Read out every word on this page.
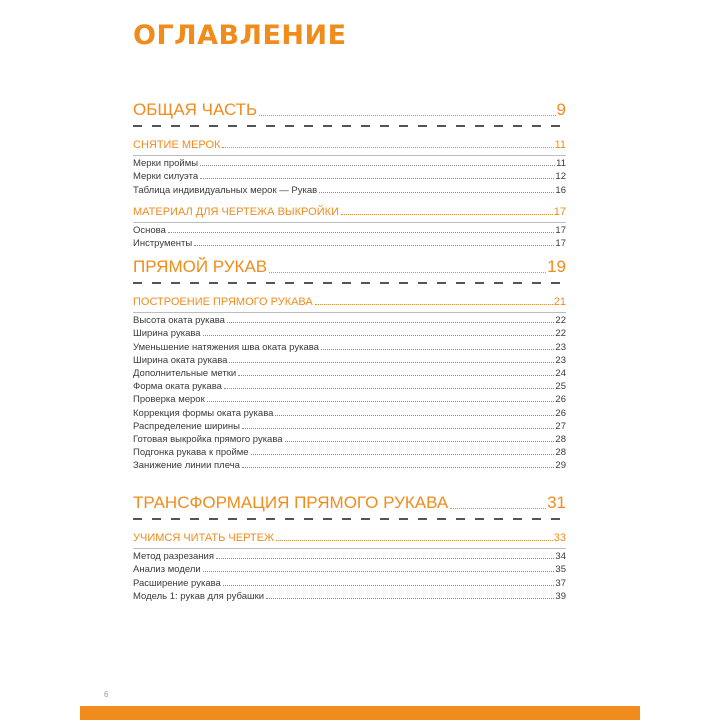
ОГЛАВЛЕНИЕ
ОБЩАЯ ЧАСТЬ	9
СНЯТИЕ МЕРОК	11
Мерки проймы	11
Мерки силуэта	12
Таблица индивидуальных мерок — Рукав	16
МАТЕРИАЛ ДЛЯ ЧЕРТЕЖА ВЫКРОЙКИ	17
Основа	17
Инструменты	17
ПРЯМОЙ РУКАВ	19
ПОСТРОЕНИЕ ПРЯМОГО РУКАВА	21
Высота оката рукава	22
Ширина рукава	22
Уменьшение натяжения шва оката рукава	23
Ширина оката рукава	23
Дополнительные метки	24
Форма оката рукава	25
Проверка мерок	26
Коррекция формы оката рукава	26
Распределение ширины	27
Готовая выкройка прямого рукава	28
Подгонка рукава к пройме	28
Занижение линии плеча	29
ТРАНСФОРМАЦИЯ ПРЯМОГО РУКАВА	31
УЧИМСЯ ЧИТАТЬ ЧЕРТЕЖ	33
Метод разрезания	34
Анализ модели	35
Расширение рукава	37
Модель 1: рукав для рубашки	39
6
